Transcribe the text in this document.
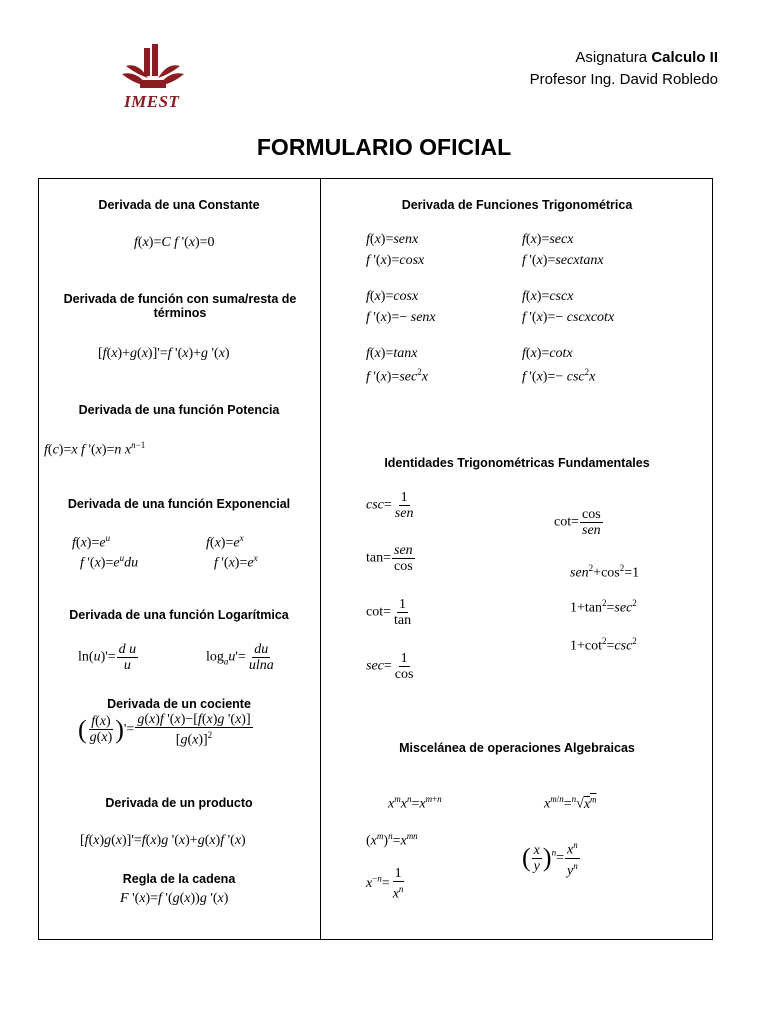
IMEST
Asignatura Calculo II
Profesor Ing. David Robledo
FORMULARIO OFICIAL
Derivada de una Constante
f(x)=C f '(x)=0
Derivada de función con suma/resta de términos
[f(x)+g(x)]'=f '(x)+g '(x)
Derivada de una función Potencia
f(c)=x f '(x)=n $x^{n-1}$
Derivada de una función Exponencial
$f(x)=e^u$
f '$(x)=e^udu$
$f(x)=e^x$
f '$(x)=e^x$
Derivada de una función Logarítmica
$\ln(u)'= \frac{\text{d u}}{u}$	$\log_au'= \frac{du}{ulna}$
Derivada de un cociente
( $\frac{f(x)}{g(x)}$ )'= $\frac{g(x)f '(x)-[f(x)g '(x)]}{[g(x)]^2}$
Derivada de un producto
[f(x)g(x)]'=f(x)g '(x)+g(x)f '(x)
Regla de la cadena
F '(x)=f '(g(x))g '(x)
Derivada de Funciones Trigonométrica
f(x)=senx
f '(x)=cosx
f(x)=secx
f '(x)=secxtanx
f(x)=cosx
f '(x)=− senx
f(x)=cscx
f '(x)=− cscxcotx
f(x)=tanx
f '$(x)=\sec^2x$
f(x)=cotx
f '$(x)=- \csc^2x$
Identidades Trigonométricas Fundamentales
$\csc= \frac{1}{\text{sen}}$
$\tan= \frac{\text{sen}}{\cos}$
$\cot= \frac{1}{\tan}$
$\sec= \frac{1}{\cos}$
$\cot= \frac{\cos}{\text{sen}}$
$sen^2+\cos^2=1$
$1+\tan^2=\sec^2$
$1+\cot^2=\csc^2$
Miscelánea de operaciones Algebraicas
$x^mx^n=x^{m+n}$
$(x^m)^n=x^{mn}$
$x^{-n}= \frac{1}{x^n}$
$x^{m/n}=^n√x^m$
( $\frac{x}{y} )^n= \frac{x^n}{y^n}$
